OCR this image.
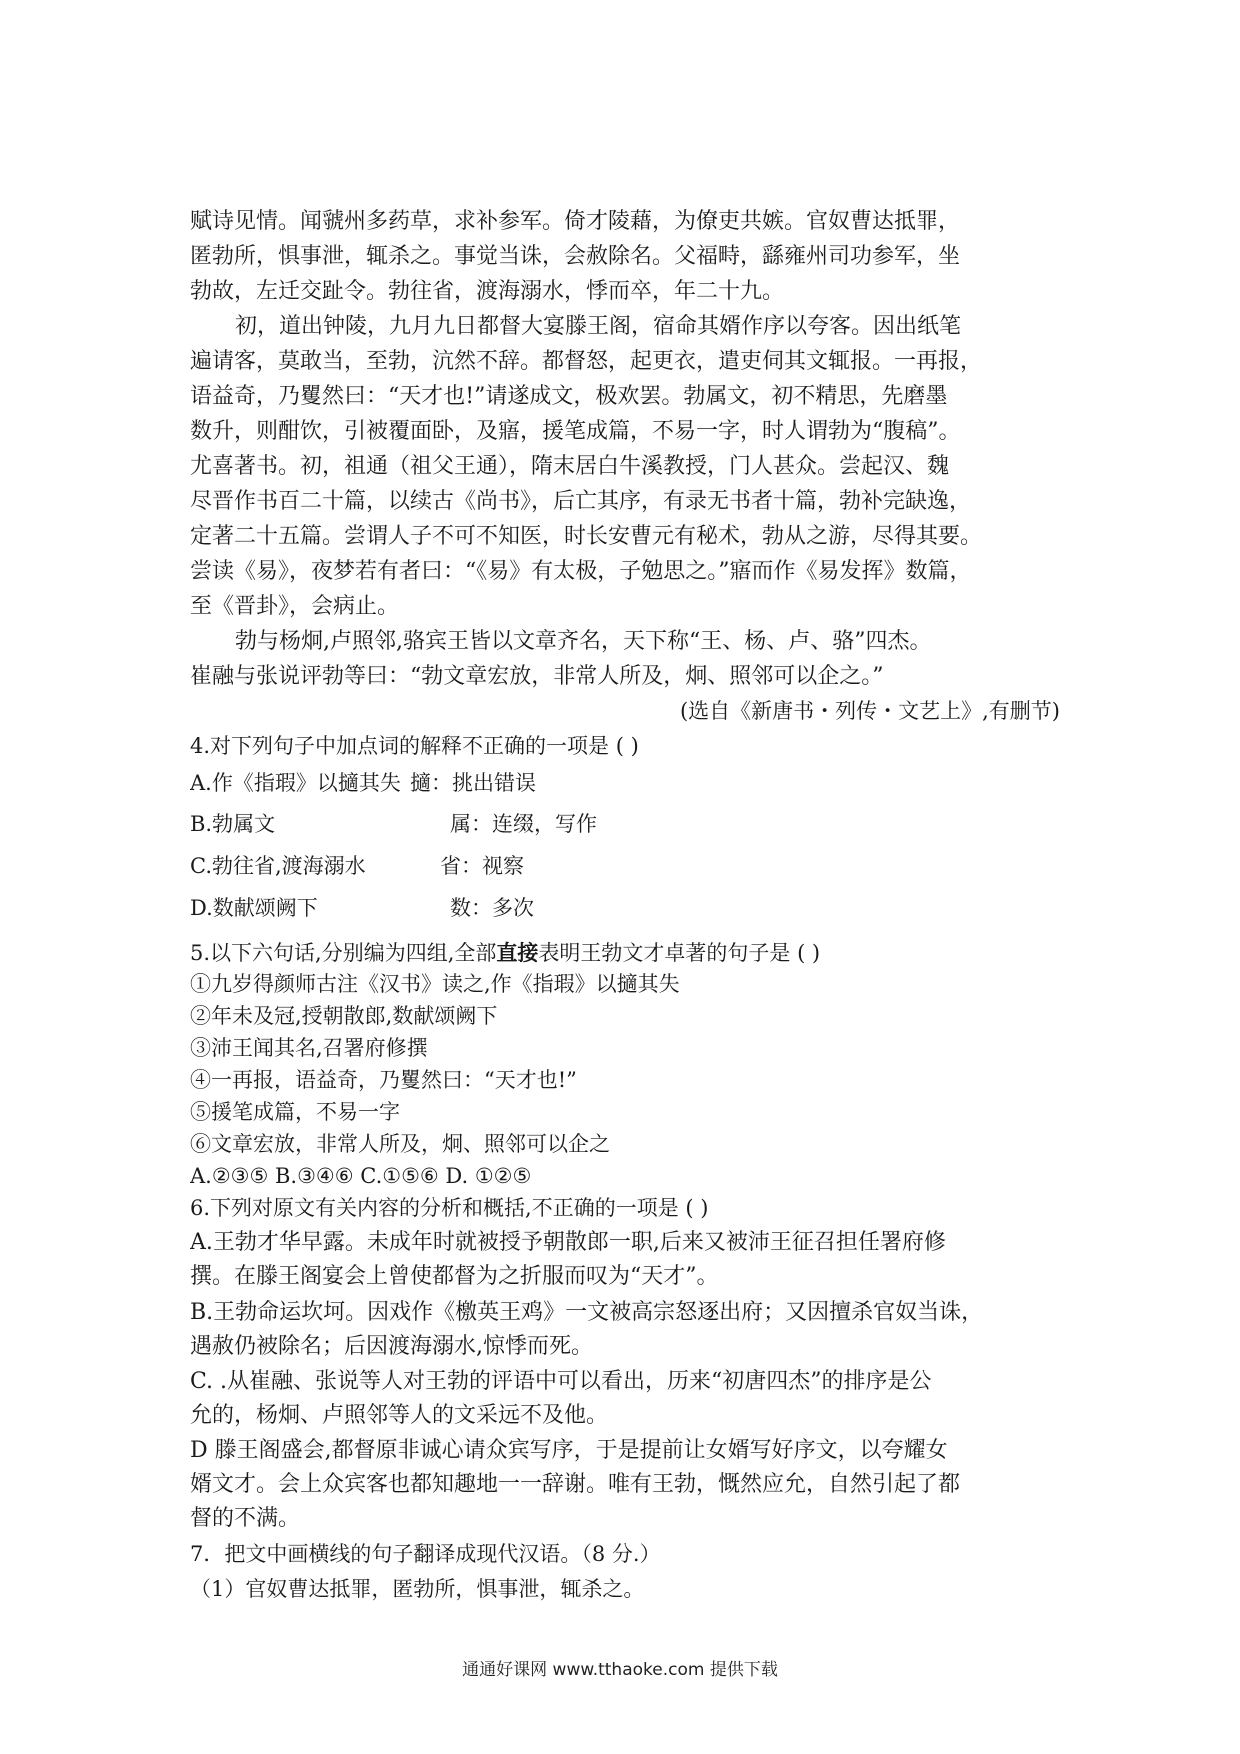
赋诗见情。闻虢州多药草，求补参军。倚才陵藉，为僚吏共嫉。官奴曹达抵罪，
匿勃所，惧事泄，辄杀之。事觉当诛，会赦除名。父福畤，繇雍州司功参军，坐
勃故，左迁交趾令。勃往省，渡海溺水，悸而卒，年二十九。
初，道出钟陵，九月九日都督大宴滕王阁，宿命其婿作序以夸客。因出纸笔
遍请客，莫敢当，至勃，沆然不辞。都督怒，起更衣，遣吏伺其文辄报。一再报，
语益奇，乃矍然曰：“天才也!”请遂成文，极欢罢。勃属文，初不精思，先磨墨
数升，则酣饮，引被覆面卧，及寤，援笔成篇，不易一字，时人谓勃为“腹稿”。
尤喜著书。初，祖通（祖父王通），隋末居白牛溪教授，门人甚众。尝起汉、魏
尽晋作书百二十篇，以续古《尚书》，后亡其序，有录无书者十篇，勃补完缺逸，
定著二十五篇。尝谓人子不可不知医，时长安曹元有秘术，勃从之游，尽得其要。
尝读《易》，夜梦若有者曰：“《易》有太极，子勉思之。”寤而作《易发挥》数篇，
至《晋卦》，会病止。
勃与杨炯,卢照邻,骆宾王皆以文章齐名，天下称“王、杨、卢、骆”四杰。
崔融与张说评勃等曰：“勃文章宏放，非常人所及，炯、照邻可以企之。”
(选自《新唐书・列传・文艺上》,有删节)
4.对下列句子中加点词的解释不正确的一项是 ( )
A.作《指瑕》以擿其失 擿：挑出错误
B.勃属文	属：连缀，写作
C.勃往省,渡海溺水	省：视察
D.数献颂阙下	数：多次
5.以下六句话,分别编为四组,全部直接表明王勃文才卓著的句子是 ( )
①九岁得颜师古注《汉书》读之,作《指瑕》以擿其失
②年未及冠,授朝散郎,数献颂阙下
③沛王闻其名,召署府修撰
④一再报，语益奇，乃矍然曰：“天才也!”
⑤援笔成篇，不易一字
⑥文章宏放，非常人所及，炯、照邻可以企之
A.②③⑤ B.③④⑥ C.①⑤⑥ D. ①②⑤
6.下列对原文有关内容的分析和概括,不正确的一项是 ( )
A.王勃才华早露。未成年时就被授予朝散郎一职,后来又被沛王征召担任署府修
撰。在滕王阁宴会上曾使都督为之折服而叹为“天才”。
B.王勃命运坎坷。因戏作《檄英王鸡》一文被高宗怒逐出府；又因擅杀官奴当诛，
遇赦仍被除名；后因渡海溺水,惊悸而死。
C. .从崔融、张说等人对王勃的评语中可以看出，历来“初唐四杰”的排序是公
允的，杨炯、卢照邻等人的文采远不及他。
D 滕王阁盛会,都督原非诚心请众宾写序，于是提前让女婿写好序文，以夸耀女
婿文才。会上众宾客也都知趣地一一辞谢。唯有王勃，慨然应允，自然引起了都
督的不满。
7．把文中画横线的句子翻译成现代汉语。（8 分.）
（1）官奴曹达抵罪，匿勃所，惧事泄，辄杀之。
通通好课网 www.tthaoke.com 提供下载
